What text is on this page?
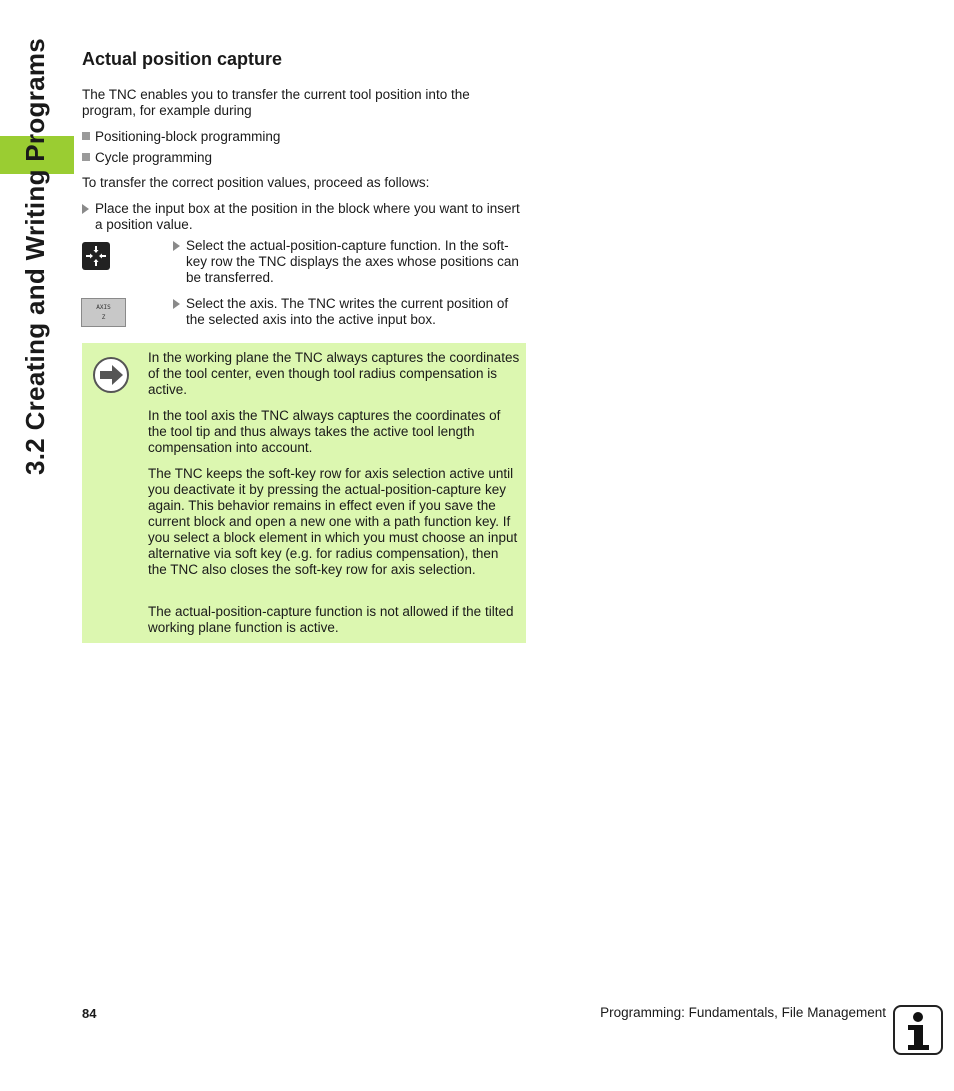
3.2 Creating and Writing Programs Actual position capture

The TNC enables you to transfer the current tool position into the program, for example during

Positioning-block programming
Cycle programming

To transfer the correct position values, proceed as follows:

Place the input box at the position in the block where you want to insert a position value.
Select the actual-position-capture function. In the soft-key row the TNC displays the axes whose positions can be transferred.
AXIS
Z
Select the axis. The TNC writes the current position of the selected axis into the active input box.

In the working plane the TNC always captures the coordinates of the tool center, even though tool radius compensation is active.

In the tool axis the TNC always captures the coordinates of the tool tip and thus always takes the active tool length compensation into account.

The TNC keeps the soft-key row for axis selection active until you deactivate it by pressing the actual-position-capture key again. This behavior remains in effect even if you save the current block and open a new one with a path function key. If you select a block element in which you must choose an input alternative via soft key (e.g. for radius compensation), then the TNC also closes the soft-key row for axis selection.

The actual-position-capture function is not allowed if the tilted working plane function is active.

84	Programming: Fundamentals, File Management
